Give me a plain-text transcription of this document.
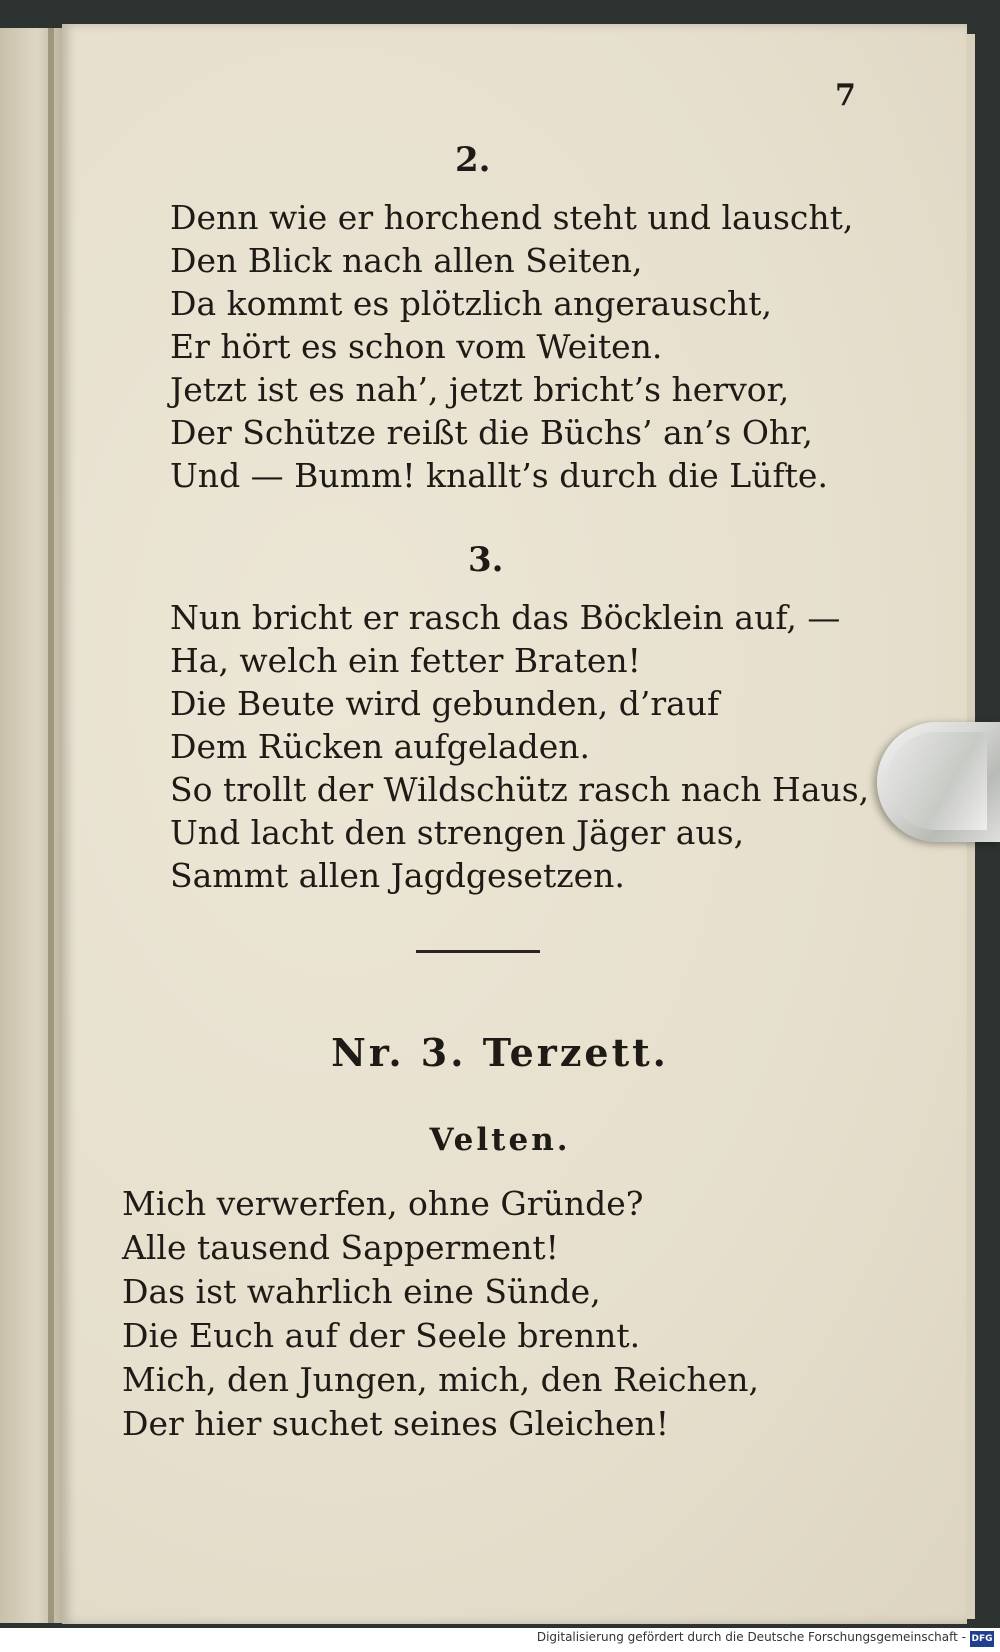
7
2.
Denn wie er horchend steht und lauscht,
Den Blick nach allen Seiten,
Da kommt es plötzlich angerauscht,
Er hört es schon vom Weiten.
Jetzt ist es nah’, jetzt bricht’s hervor,
Der Schütze reißt die Büchs’ an’s Ohr,
Und — Bumm! knallt’s durch die Lüfte.
3.
Nun bricht er rasch das Böcklein auf, —
Ha, welch ein fetter Braten!
Die Beute wird gebunden, d’rauf
Dem Rücken aufgeladen.
So trollt der Wildschütz rasch nach Haus,
Und lacht den strengen Jäger aus,
Sammt allen Jagdgesetzen.
Nr. 3. Terzett.
Velten.
Mich verwerfen, ohne Gründe?
Alle tausend Sapperment!
Das ist wahrlich eine Sünde,
Die Euch auf der Seele brennt.
Mich, den Jungen, mich, den Reichen,
Der hier suchet seines Gleichen!
Digitalisierung gefördert durch die Deutsche Forschungsgemeinschaft - DFG
